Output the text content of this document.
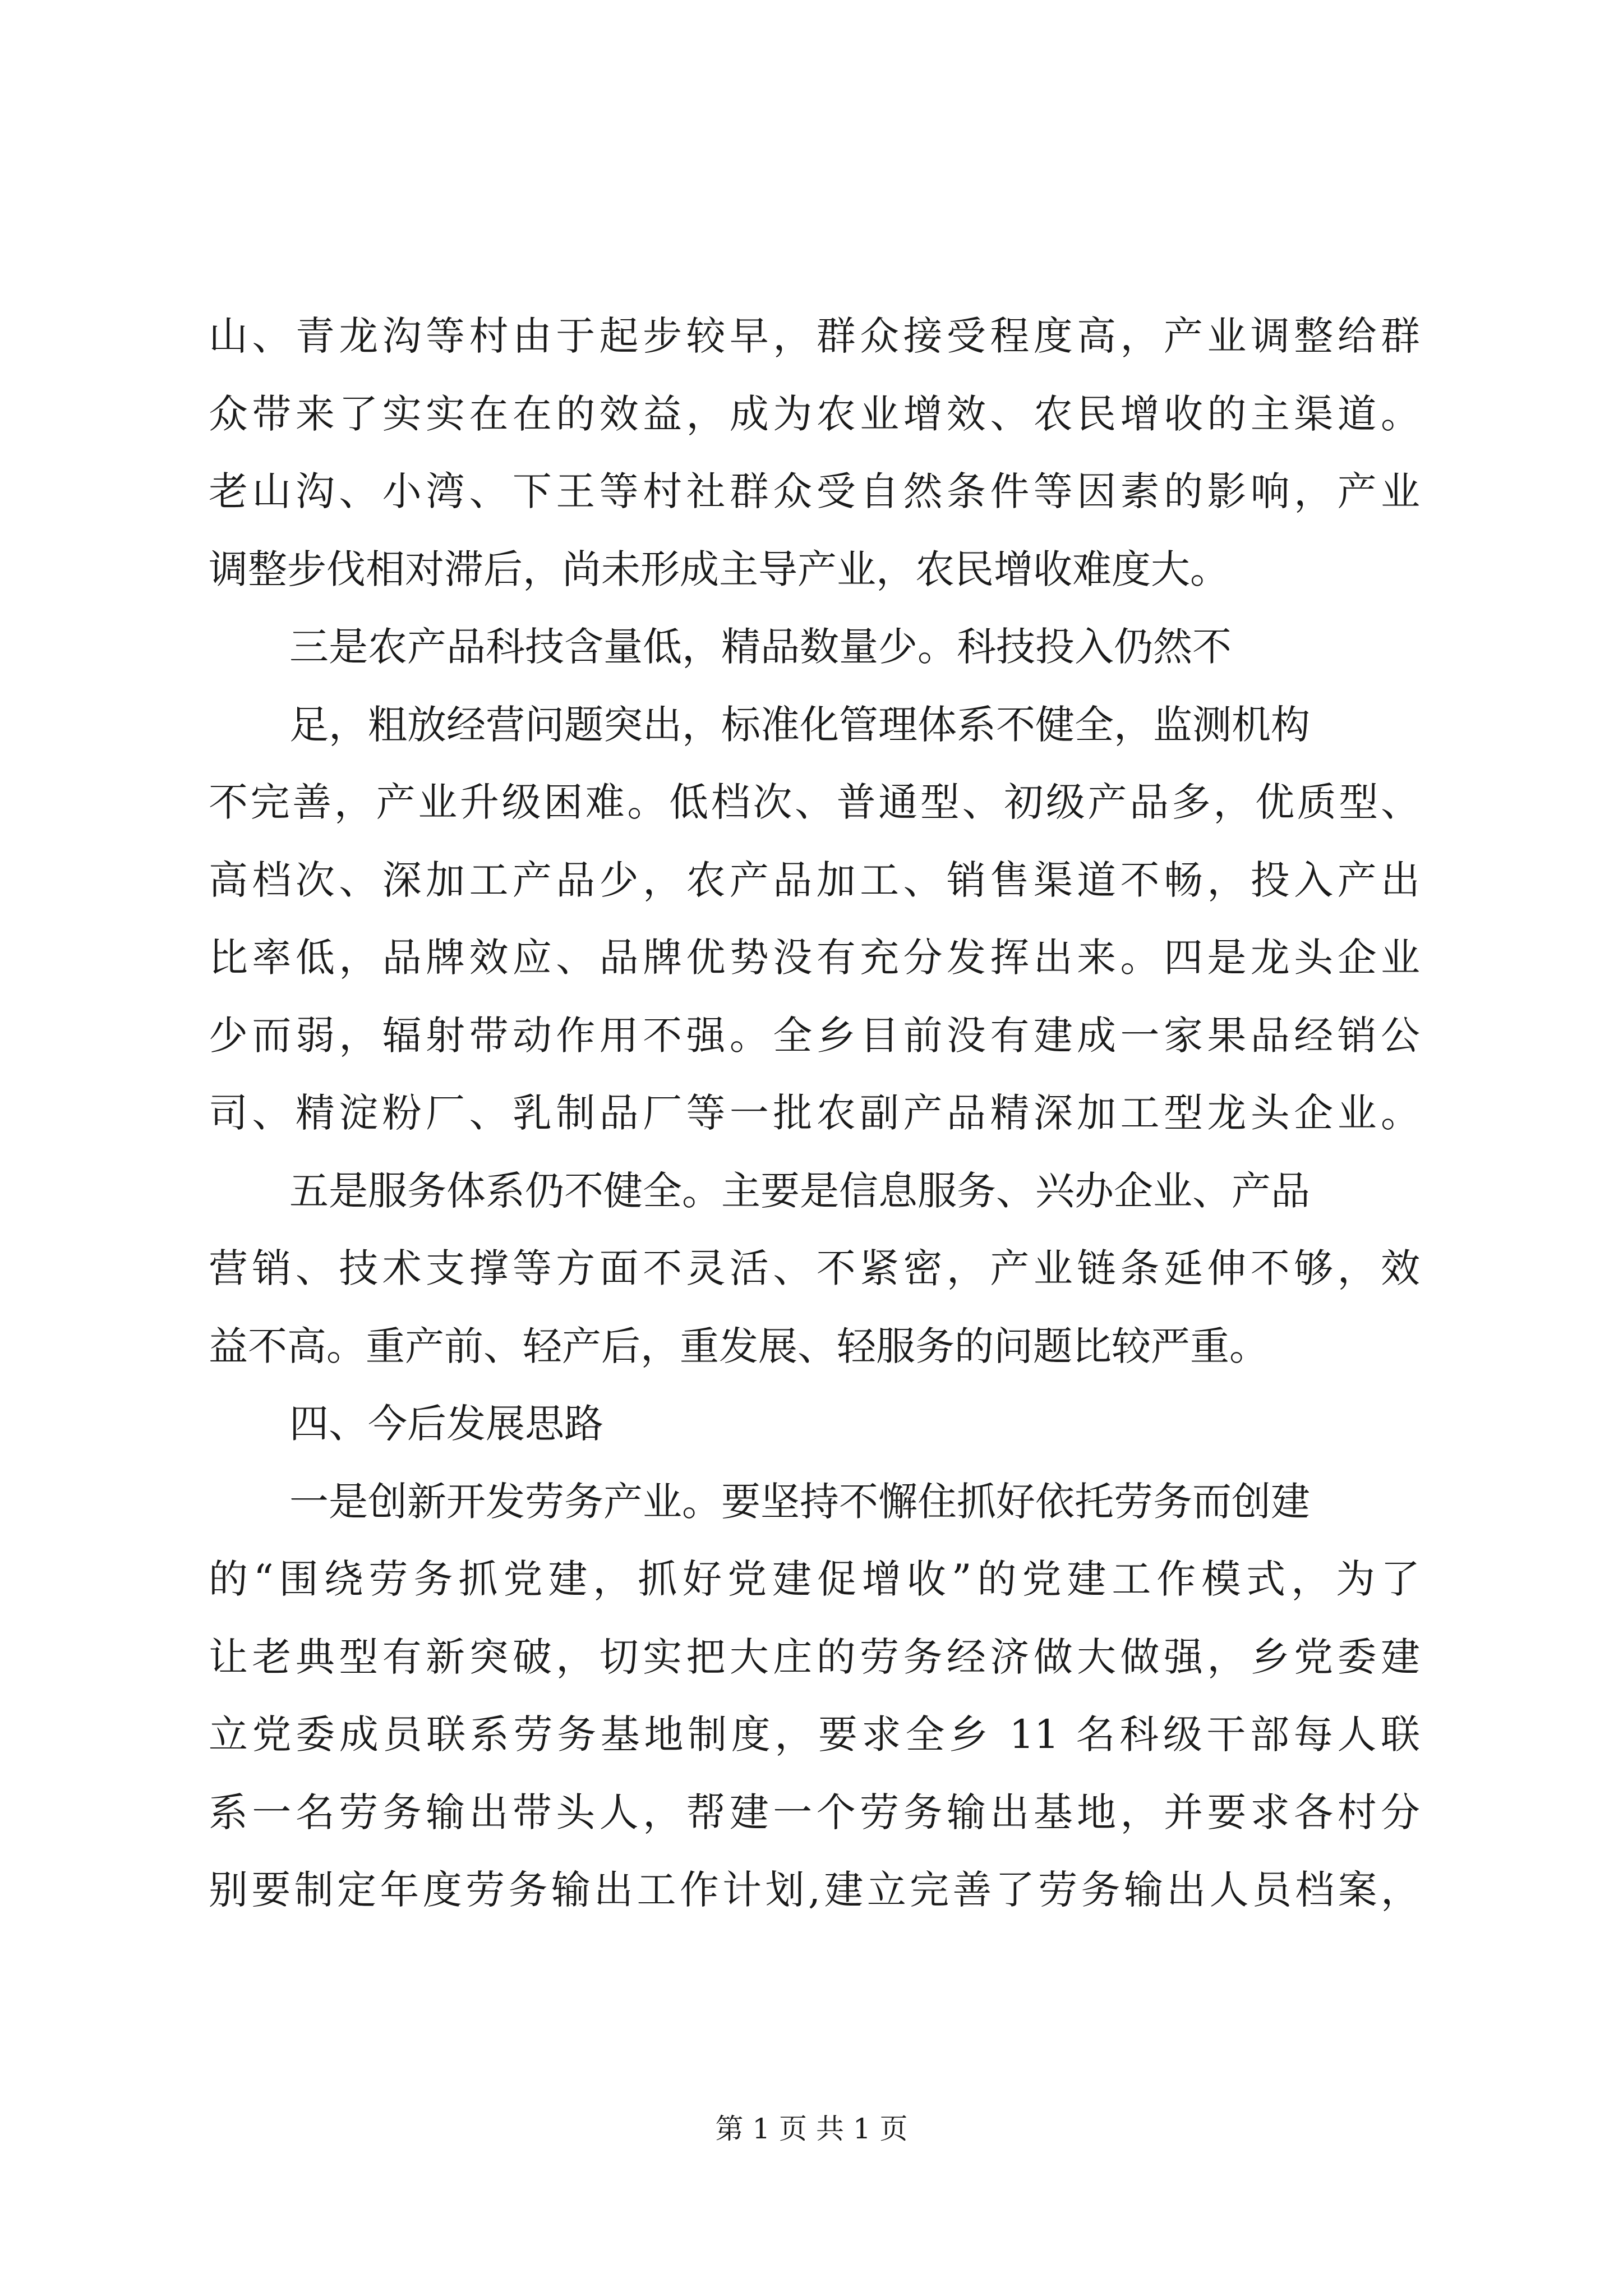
山、青龙沟等村由于起步较早，群众接受程度高，产业调整给群
众带来了实实在在的效益，成为农业增效、农民增收的主渠道。
老山沟、小湾、下王等村社群众受自然条件等因素的影响，产业
调整步伐相对滞后，尚未形成主导产业，农民增收难度大。
三是农产品科技含量低，精品数量少。科技投入仍然不
足，粗放经营问题突出，标准化管理体系不健全，监测机构
不完善，产业升级困难。低档次、普通型、初级产品多，优质型、
高档次、深加工产品少，农产品加工、销售渠道不畅，投入产出
比率低，品牌效应、品牌优势没有充分发挥出来。四是龙头企业
少而弱，辐射带动作用不强。全乡目前没有建成一家果品经销公
司、精淀粉厂、乳制品厂等一批农副产品精深加工型龙头企业。
五是服务体系仍不健全。主要是信息服务、兴办企业、产品
营销、技术支撑等方面不灵活、不紧密，产业链条延伸不够，效
益不高。重产前、轻产后，重发展、轻服务的问题比较严重。
四、今后发展思路
一是创新开发劳务产业。要坚持不懈住抓好依托劳务而创建
的“围绕劳务抓党建，抓好党建促增收”的党建工作模式，为了
让老典型有新突破，切实把大庄的劳务经济做大做强，乡党委建
立党委成员联系劳务基地制度，要求全乡 11 名科级干部每人联
系一名劳务输出带头人，帮建一个劳务输出基地，并要求各村分
别要制定年度劳务输出工作计划,建立完善了劳务输出人员档案，
第 1 页 共 1 页
